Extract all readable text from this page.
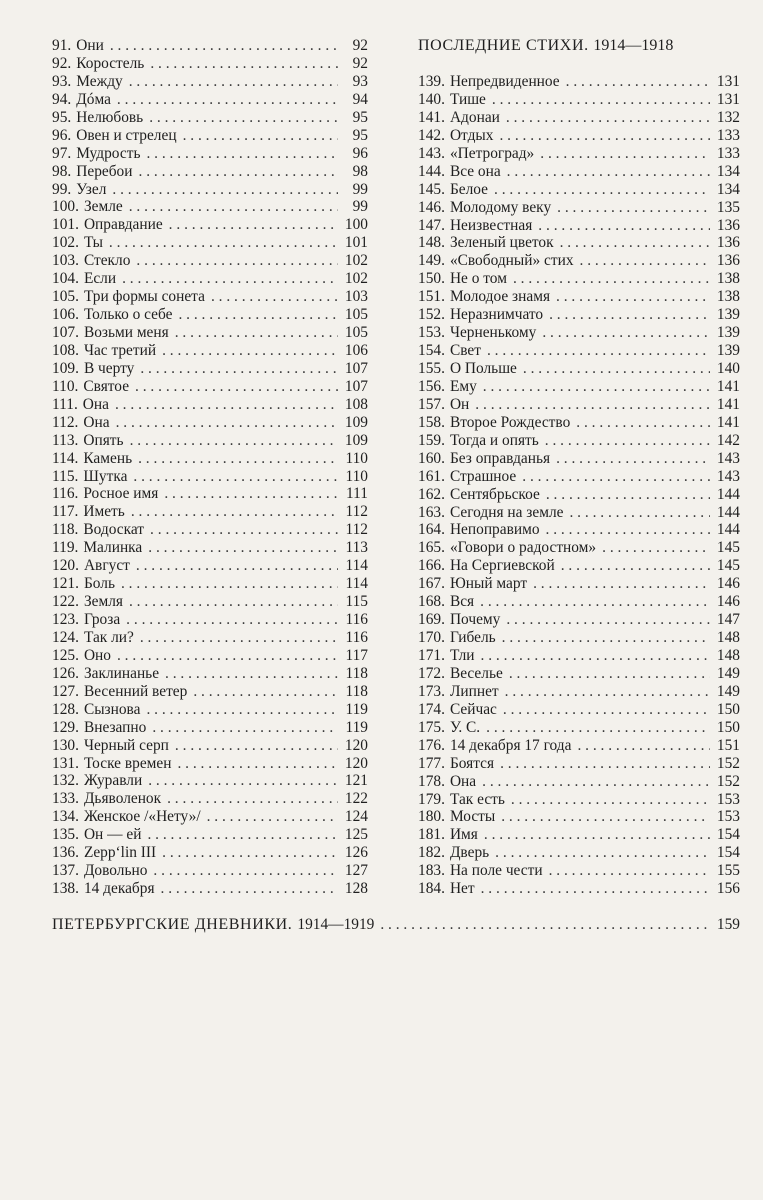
91. Они . . .	92
92. Коростель . . .	92
93. Между . . .	93
94. Дóма . . .	94
95. Нелюбовь . . .	95
96. Овен и стрелец . . .	95
97. Мудрость . . .	96
98. Перебои . . .	98
99. Узел . . .	99
100. Земле . . .	99
101. Оправдание . . .	100
102. Ты . . .	101
103. Стекло . . .	102
104. Если . . .	102
105. Три формы сонета . . .	103
106. Только о себе . . .	105
107. Возьми меня . . .	105
108. Час третий . . .	106
109. В черту . . .	107
110. Святое . . .	107
111. Она . . .	108
112. Она . . .	109
113. Опять . . .	109
114. Камень . . .	110
115. Шутка . . .	110
116. Росное имя . . .	111
117. Иметь . . .	112
118. Водоскат . . .	112
119. Малинка . . .	113
120. Август . . .	114
121. Боль . . .	114
122. Земля . . .	115
123. Гроза . . .	116
124. Так ли? . . .	116
125. Оно . . .	117
126. Заклинанье . . .	118
127. Весенний ветер . . .	118
128. Сызнова . . .	119
129. Внезапно . . .	119
130. Черный серп . . .	120
131. Тоске времен . . .	120
132. Журавли . . .	121
133. Дьяволенок . . .	122
134. Женское /«Нету»/ . . .	124
135. Он — ей . . .	125
136. Zepp‘lin III . . .	126
137. Довольно . . .	127
138. 14 декабря . . .	128
ПОСЛЕДНИЕ СТИХИ. 1914—1918
139. Непредвиденное . . .	131
140. Тише . . .	131
141. Адонаи . . .	132
142. Отдых . . .	133
143. «Петроград» . . .	133
144. Все она . . .	134
145. Белое . . .	134
146. Молодому веку . . .	135
147. Неизвестная . . .	136
148. Зеленый цветок . . .	136
149. «Свободный» стих . . .	136
150. Не о том . . .	138
151. Молодое знамя . . .	138
152. Неразнимчато . . .	139
153. Черненькому . . .	139
154. Свет . . .	139
155. О Польше . . .	140
156. Ему . . .	141
157. Он . . .	141
158. Второе Рождество . . .	141
159. Тогда и опять . . .	142
160. Без оправданья . . .	143
161. Страшное . . .	143
162. Сентябрьское . . .	144
163. Сегодня на земле . . .	144
164. Непоправимо . . .	144
165. «Говори о радостном» . . .	145
166. На Сергиевской . . .	145
167. Юный март . . .	146
168. Вся . . .	146
169. Почему . . .	147
170. Гибель . . .	148
171. Тли . . .	148
172. Веселье . . .	149
173. Липнет . . .	149
174. Сейчас . . .	150
175. У. С. . . .	150
176. 14 декабря 17 года . . .	151
177. Боятся . . .	152
178. Она . . .	152
179. Так есть . . .	153
180. Мосты . . .	153
181. Имя . . .	154
182. Дверь . . .	154
183. На поле чести . . .	155
184. Нет . . .	156
ПЕТЕРБУРГСКИЕ ДНЕВНИКИ. 1914—1919 . . .	159
